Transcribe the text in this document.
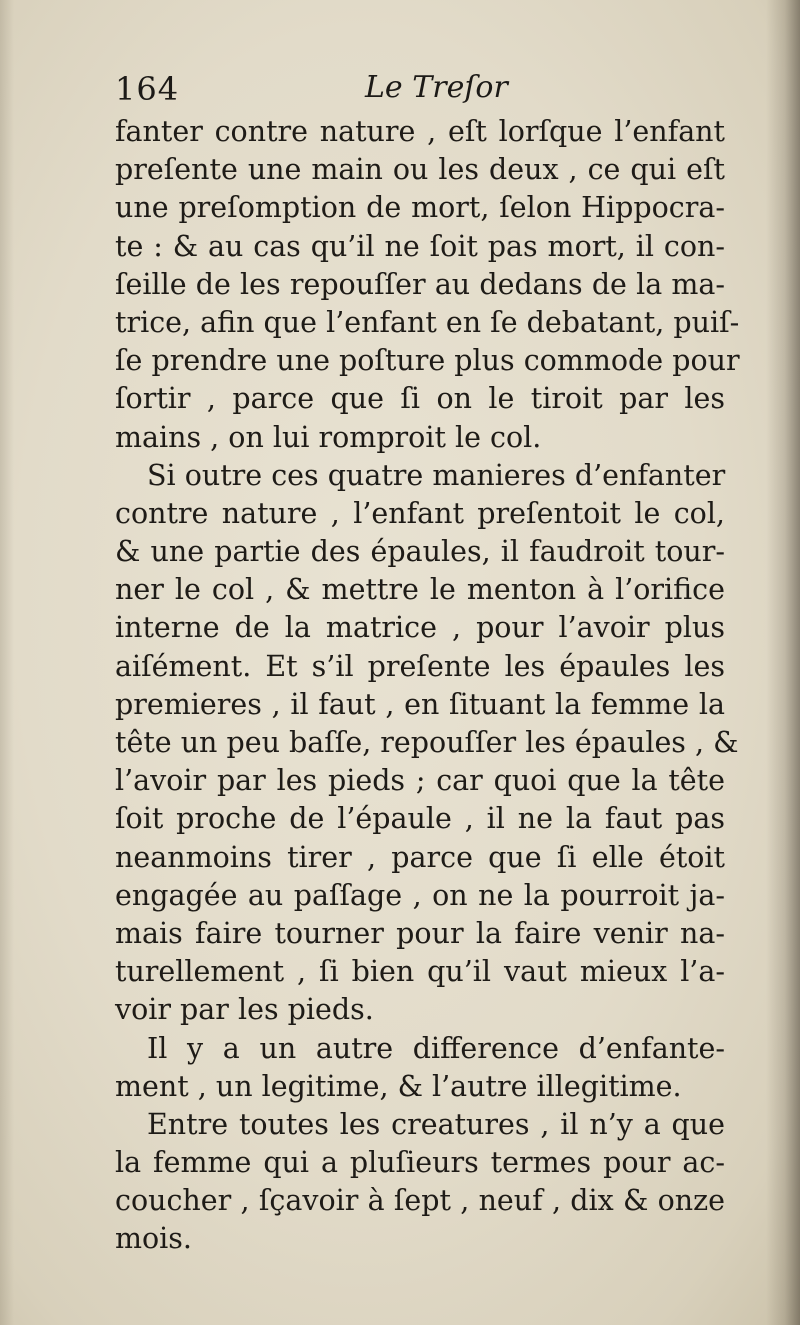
164	Le Treſor

fanter contre nature , eſt lorſque l’enfant
preſente une main ou les deux , ce qui eſt
une preſomption de mort, ſelon Hippocra-
te : & au cas qu’il ne ſoit pas mort, il con-
ſeille de les repouſſer au dedans de la ma-
trice, afin que l’enfant en ſe debatant, puiſ-
ſe prendre une poſture plus commode pour
ſortir , parce que ſi on le tiroit par les
mains , on lui romproit le col.

Si outre ces quatre manieres d’enfanter
contre nature , l’enfant preſentoit le col,
& une partie des épaules, il faudroit tour-
ner le col , & mettre le menton à l’orifice
interne de la matrice , pour l’avoir plus
aiſément. Et s’il preſente les épaules les
premieres , il faut , en ſituant la femme la
tête un peu baſſe, repouſſer les épaules , &
l’avoir par les pieds ; car quoi que la tête
ſoit proche de l’épaule , il ne la faut pas
neanmoins tirer , parce que ſi elle étoit
engagée au paſſage , on ne la pourroit ja-
mais faire tourner pour la faire venir na-
turellement , ſi bien qu’il vaut mieux l’a-
voir par les pieds.

Il y a un autre difference d’enfante-
ment , un legitime, & l’autre illegitime.

Entre toutes les creatures , il n’y a que
la femme qui a pluſieurs termes pour ac-
coucher , ſçavoir à ſept , neuf , dix & onze
mois.
